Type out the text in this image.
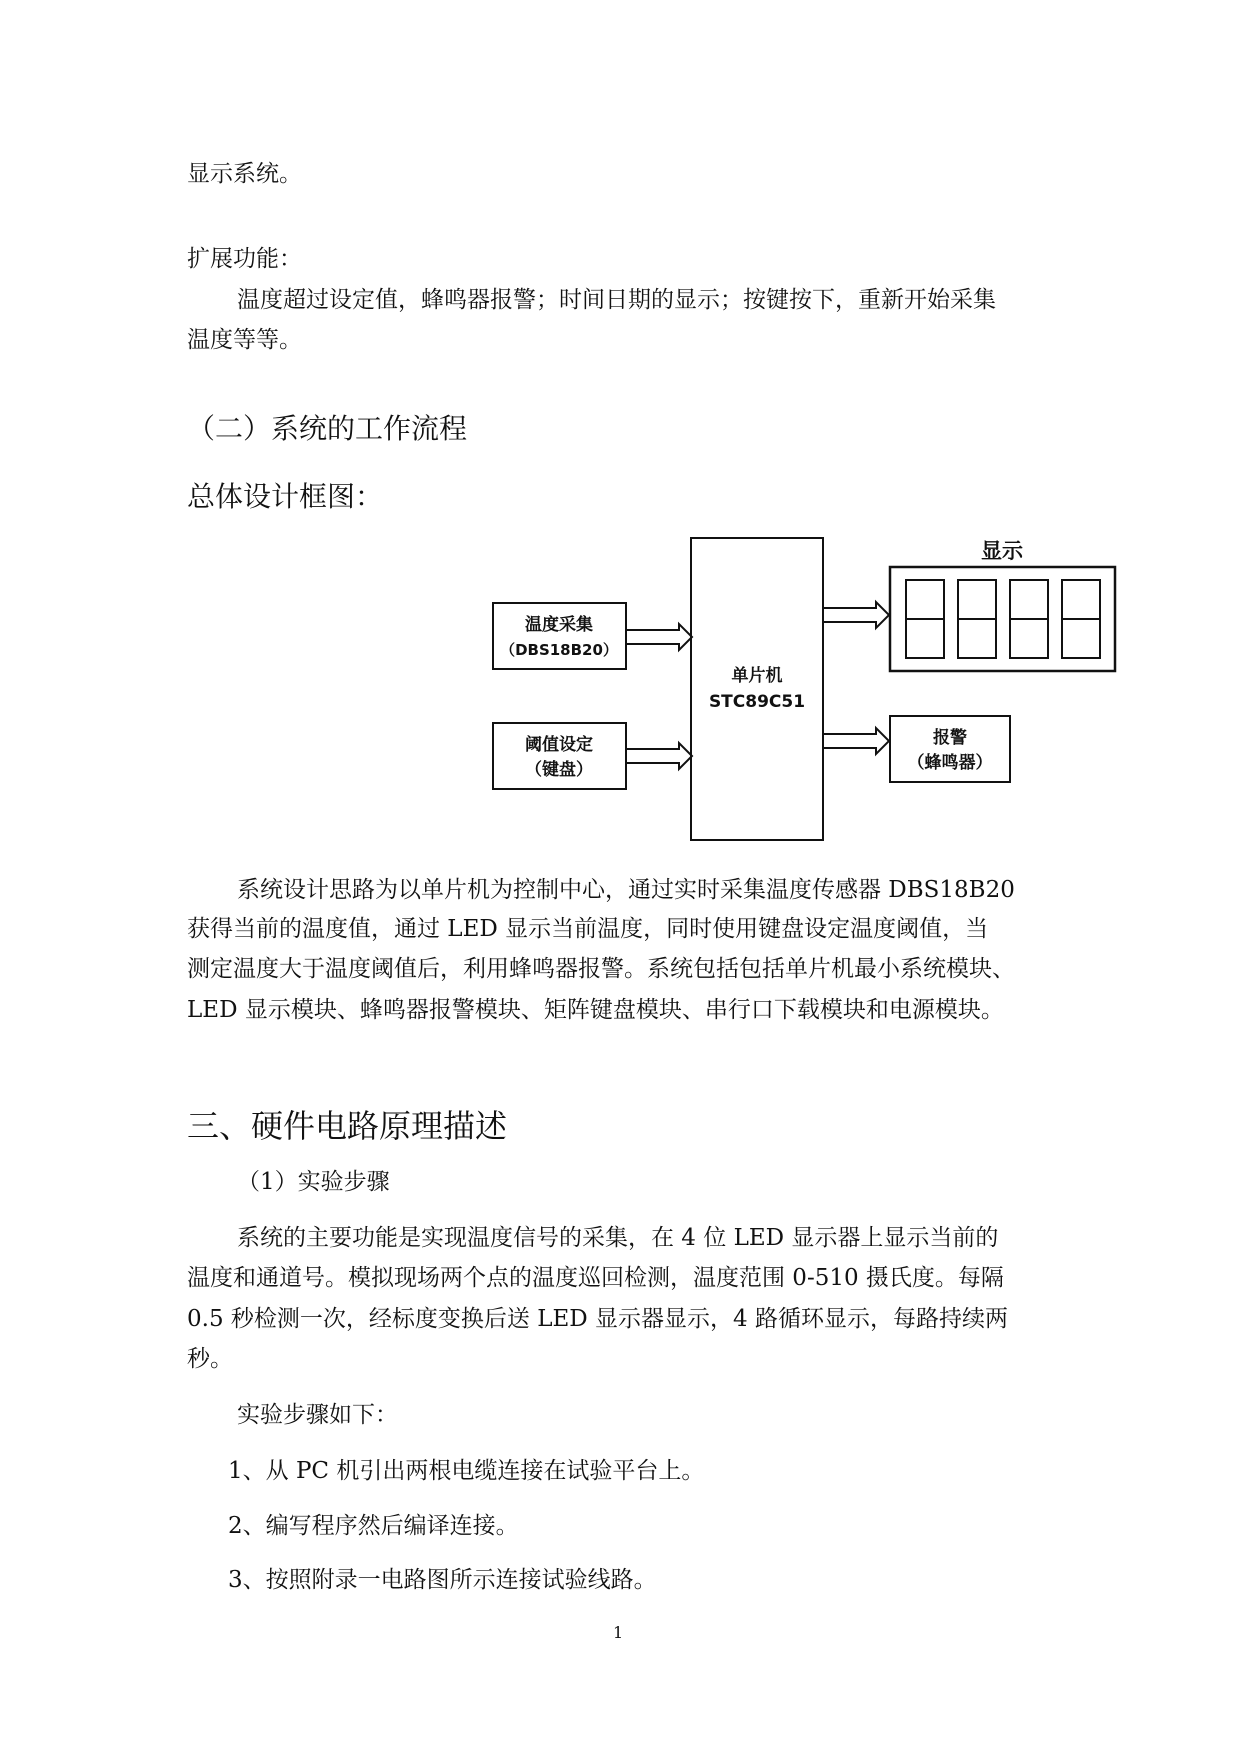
显示系统。
扩展功能：
温度超过设定值，蜂鸣器报警；时间日期的显示；按键按下，重新开始采集
温度等等。
（二）系统的工作流程
总体设计框图：
温度采集
（DBS18B20）
阈值设定
（键盘）
单片机
STC89C51
显示
报警
（蜂鸣器）
系统设计思路为以单片机为控制中心，通过实时采集温度传感器 DBS18B20
获得当前的温度值，通过 LED 显示当前温度，同时使用键盘设定温度阈值，当
测定温度大于温度阈值后，利用蜂鸣器报警。系统包括包括单片机最小系统模块、
LED 显示模块、蜂鸣器报警模块、矩阵键盘模块、串行口下载模块和电源模块。
三、硬件电路原理描述
（1）实验步骤
系统的主要功能是实现温度信号的采集，在 4 位 LED 显示器上显示当前的
温度和通道号。模拟现场两个点的温度巡回检测，温度范围 0-510 摄氏度。每隔
0.5 秒检测一次，经标度变换后送 LED 显示器显示，4 路循环显示，每路持续两
秒。
实验步骤如下：
1、从 PC 机引出两根电缆连接在试验平台上。
2、编写程序然后编译连接。
3、按照附录一电路图所示连接试验线路。
1
